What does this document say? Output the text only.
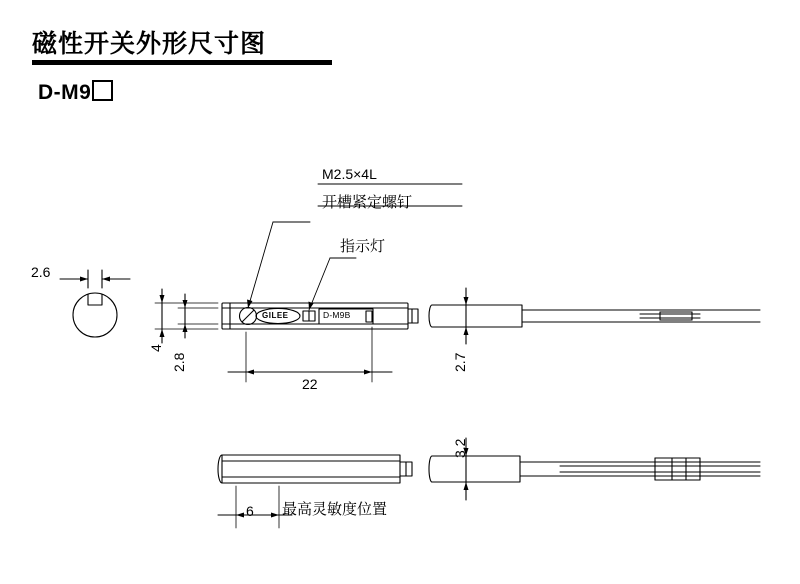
磁性开关外形尺寸图
D-M9
2.6
4
2.8
22
2.7
3.2
6 最高灵敏度位置
M2.5×4L
开槽紧定螺钉
指示灯
GILEE	D-M9B
